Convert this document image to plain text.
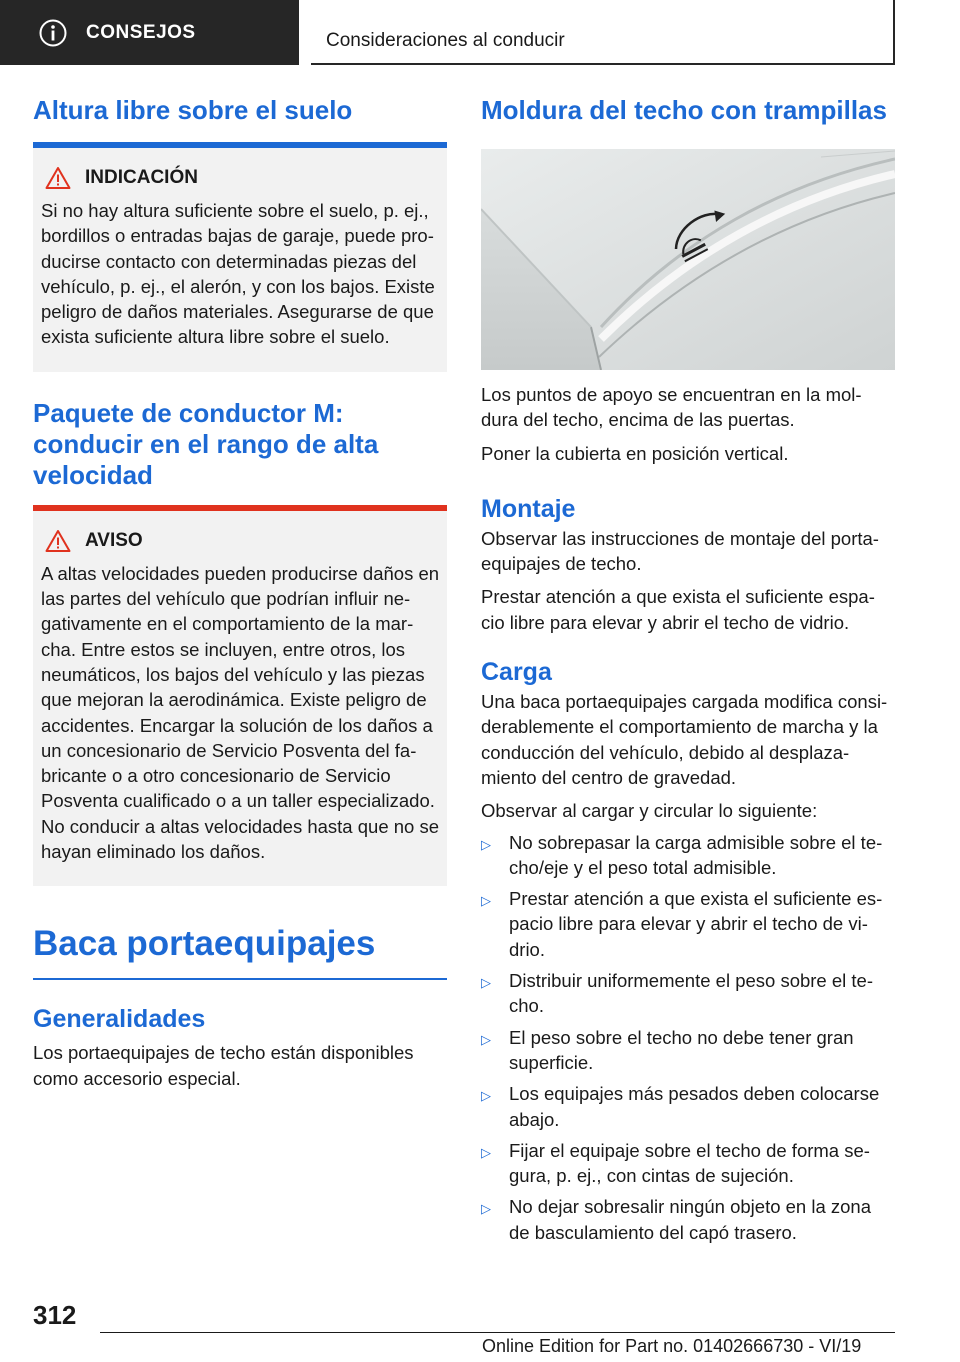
CONSEJOS	Consideraciones al conducir
Altura libre sobre el suelo
INDICACIÓN

Si no hay altura suficiente sobre el suelo, p. ej., bordillos o entradas bajas de garaje, puede pro-ducirse contacto con determinadas piezas del vehículo, p. ej., el alerón, y con los bajos. Existe peligro de daños materiales. Asegurarse de que exista suficiente altura libre sobre el suelo.

Paquete de conductor M: conducir en el rango de alta velocidad
AVISO

A altas velocidades pueden producirse daños en las partes del vehículo que podrían influir ne-gativamente en el comportamiento de la mar-cha. Entre estos se incluyen, entre otros, los neumáticos, los bajos del vehículo y las piezas que mejoran la aerodinámica. Existe peligro de accidentes. Encargar la solución de los daños a un concesionario de Servicio Posventa del fa-bricante o a otro concesionario de Servicio Posventa cualificado o a un taller especializado. No conducir a altas velocidades hasta que no se hayan eliminado los daños.

Baca portaequipajes
Generalidades

Los portaequipajes de techo están disponibles como accesorio especial.

Moldura del techo con trampillas

Los puntos de apoyo se encuentran en la mol-dura del techo, encima de las puertas.

Poner la cubierta en posición vertical.

Montaje

Observar las instrucciones de montaje del porta-equipajes de techo.

Prestar atención a que exista el suficiente espa-cio libre para elevar y abrir el techo de vidrio.

Carga

Una baca portaequipajes cargada modifica consi-derablemente el comportamiento de marcha y la conducción del vehículo, debido al desplaza-miento del centro de gravedad.

Observar al cargar y circular lo siguiente:

▷ No sobrepasar la carga admisible sobre el te-cho/eje y el peso total admisible.
▷ Prestar atención a que exista el suficiente es-pacio libre para elevar y abrir el techo de vi-drio.
▷ Distribuir uniformemente el peso sobre el te-cho.
▷ El peso sobre el techo no debe tener gran superficie.
▷ Los equipajes más pesados deben colocarse abajo.
▷ Fijar el equipaje sobre el techo de forma se-gura, p. ej., con cintas de sujeción.
▷ No dejar sobresalir ningún objeto en la zona de basculamiento del capó trasero.
312
Online Edition for Part no. 01402666730 - VI/19
